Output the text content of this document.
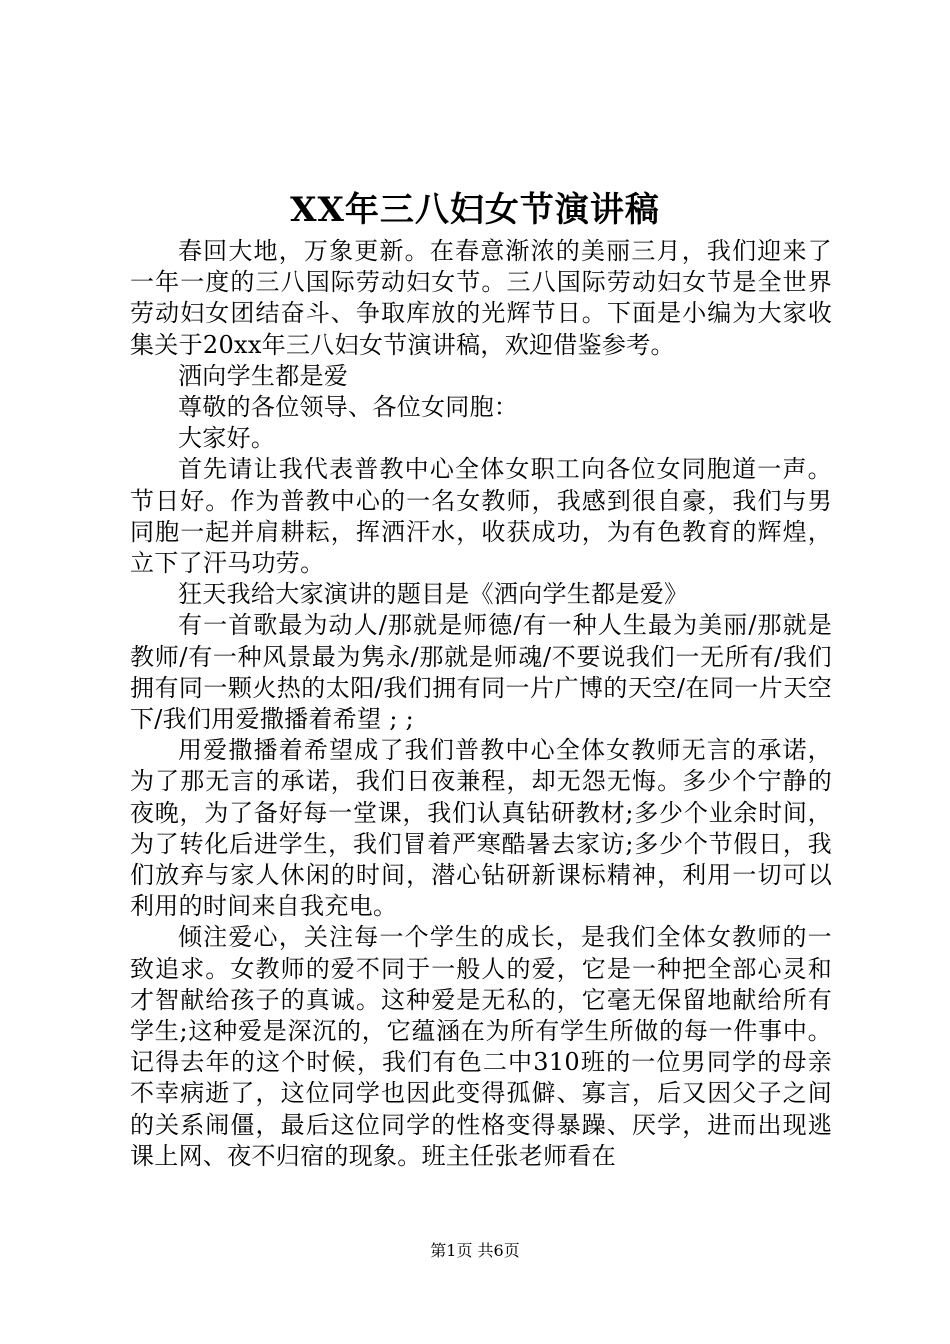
XX年三八妇女节演讲稿

春回大地，万象更新。在春意渐浓的美丽三月，我们迎来了一年一度的三八国际劳动妇女节。三八国际劳动妇女节是全世界劳动妇女团结奋斗、争取库放的光辉节日。下面是小编为大家收集关于20xx年三八妇女节演讲稿，欢迎借鉴参考。

洒向学生都是爱

尊敬的各位领导、各位女同胞：

大家好。

首先请让我代表普教中心全体女职工向各位女同胞道一声。节日好。作为普教中心的一名女教师，我感到很自豪，我们与男同胞一起并肩耕耘，挥洒汗水，收获成功，为有色教育的辉煌，立下了汗马功劳。

狂天我给大家演讲的题目是《洒向学生都是爱》

有一首歌最为动人/那就是师德/有一种人生最为美丽/那就是教师/有一种风景最为隽永/那就是师魂/不要说我们一无所有/我们拥有同一颗火热的太阳/我们拥有同一片广博的天空/在同一片天空下/我们用爱撒播着希望 ; ;

用爱撒播着希望成了我们普教中心全体女教师无言的承诺，为了那无言的承诺，我们日夜兼程，却无怨无悔。多少个宁静的夜晚，为了备好每一堂课，我们认真钻研教材;多少个业余时间，为了转化后进学生，我们冒着严寒酷暑去家访;多少个节假日，我们放弃与家人休闲的时间，潜心钻研新课标精神，利用一切可以利用的时间来自我充电。

倾注爱心，关注每一个学生的成长，是我们全体女教师的一致追求。女教师的爱不同于一般人的爱，它是一种把全部心灵和才智献给孩子的真诚。这种爱是无私的，它毫无保留地献给所有学生;这种爱是深沉的，它蕴涵在为所有学生所做的每一件事中。记得去年的这个时候，我们有色二中310班的一位男同学的母亲不幸病逝了，这位同学也因此变得孤僻、寡言，后又因父子之间的关系闹僵，最后这位同学的性格变得暴躁、厌学，进而出现逃课上网、夜不归宿的现象。班主任张老师看在

第1页 共6页
